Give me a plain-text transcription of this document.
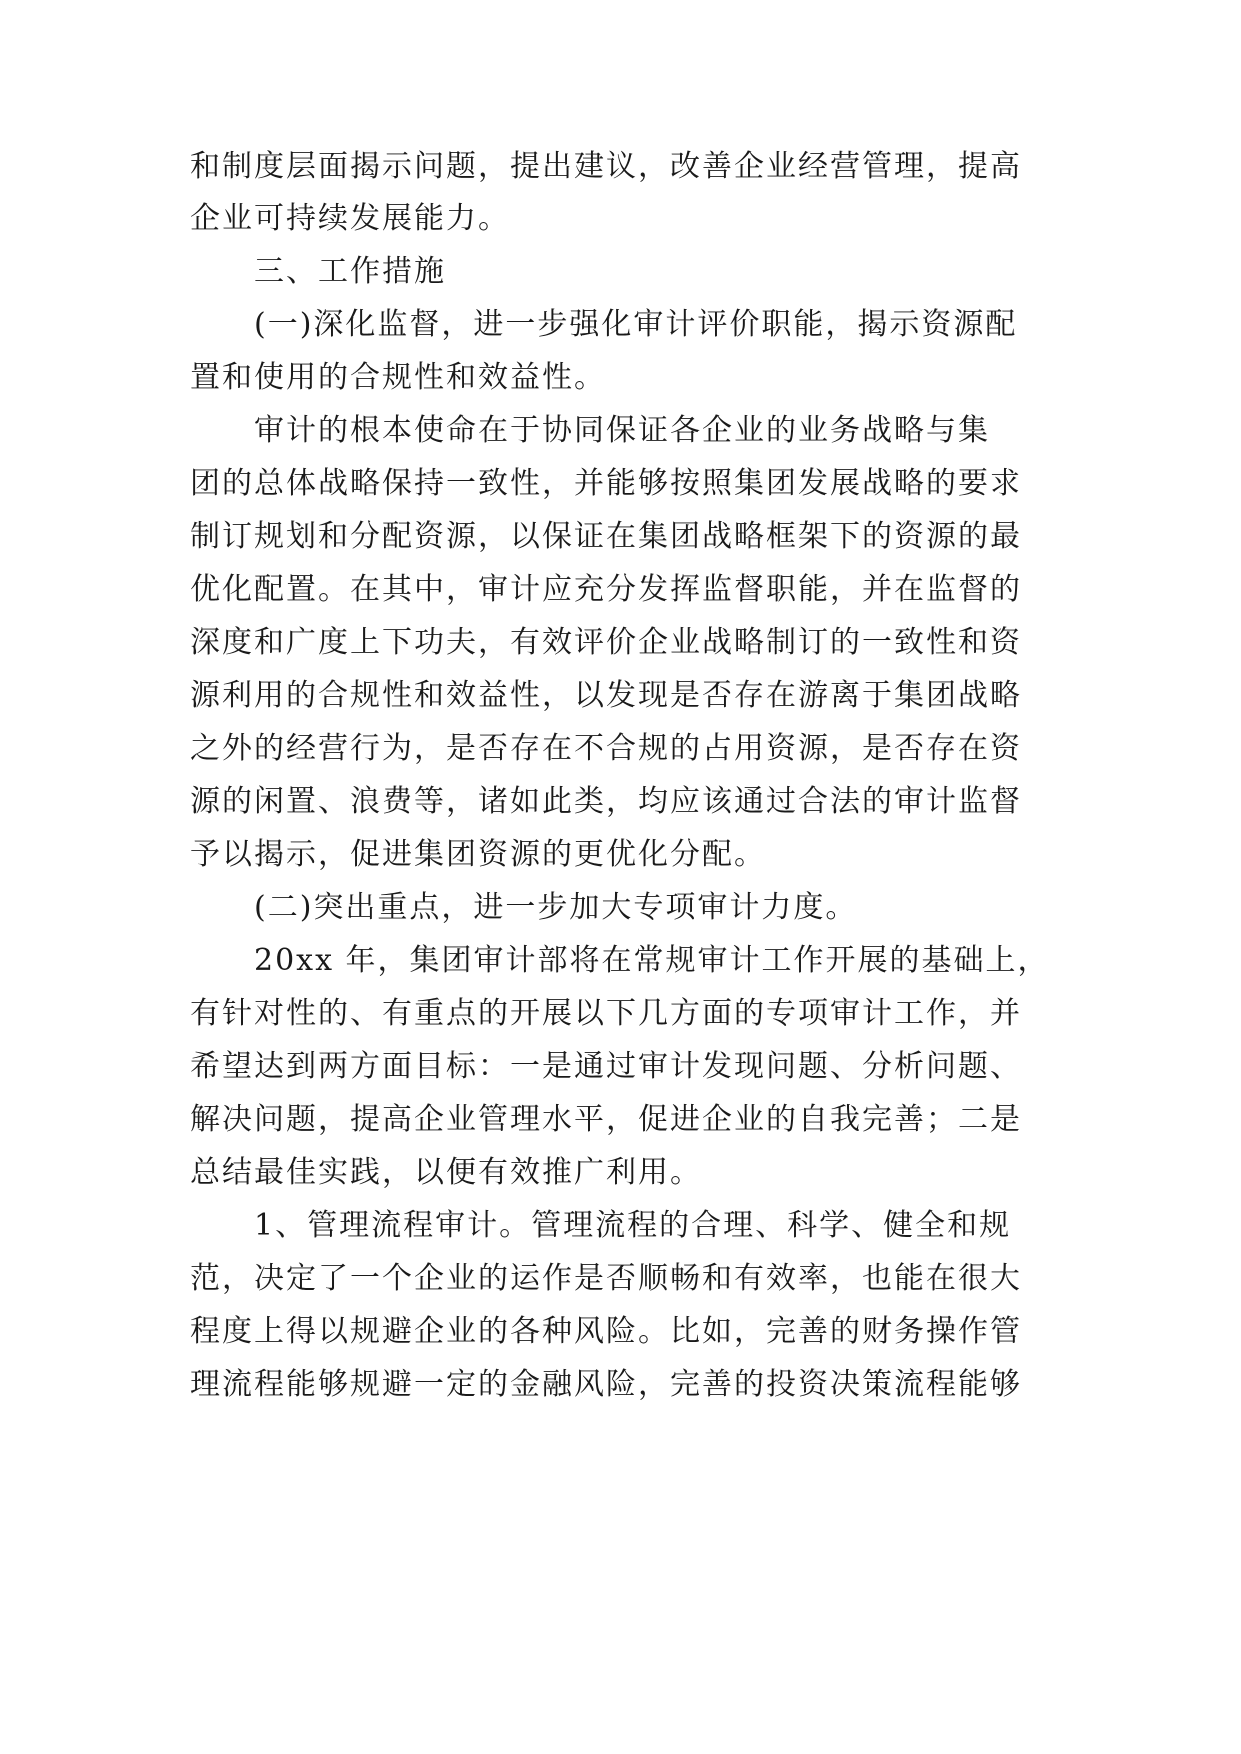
和制度层面揭示问题，提出建议，改善企业经营管理，提高
企业可持续发展能力。
三、工作措施
(一)深化监督，进一步强化审计评价职能，揭示资源配
置和使用的合规性和效益性。
审计的根本使命在于协同保证各企业的业务战略与集
团的总体战略保持一致性，并能够按照集团发展战略的要求
制订规划和分配资源，以保证在集团战略框架下的资源的最
优化配置。在其中，审计应充分发挥监督职能，并在监督的
深度和广度上下功夫，有效评价企业战略制订的一致性和资
源利用的合规性和效益性，以发现是否存在游离于集团战略
之外的经营行为，是否存在不合规的占用资源，是否存在资
源的闲置、浪费等，诸如此类，均应该通过合法的审计监督
予以揭示，促进集团资源的更优化分配。
(二)突出重点，进一步加大专项审计力度。
20xx 年，集团审计部将在常规审计工作开展的基础上，
有针对性的、有重点的开展以下几方面的专项审计工作，并
希望达到两方面目标：一是通过审计发现问题、分析问题、
解决问题，提高企业管理水平，促进企业的自我完善；二是
总结最佳实践，以便有效推广利用。
1、管理流程审计。管理流程的合理、科学、健全和规
范，决定了一个企业的运作是否顺畅和有效率，也能在很大
程度上得以规避企业的各种风险。比如，完善的财务操作管
理流程能够规避一定的金融风险，完善的投资决策流程能够
